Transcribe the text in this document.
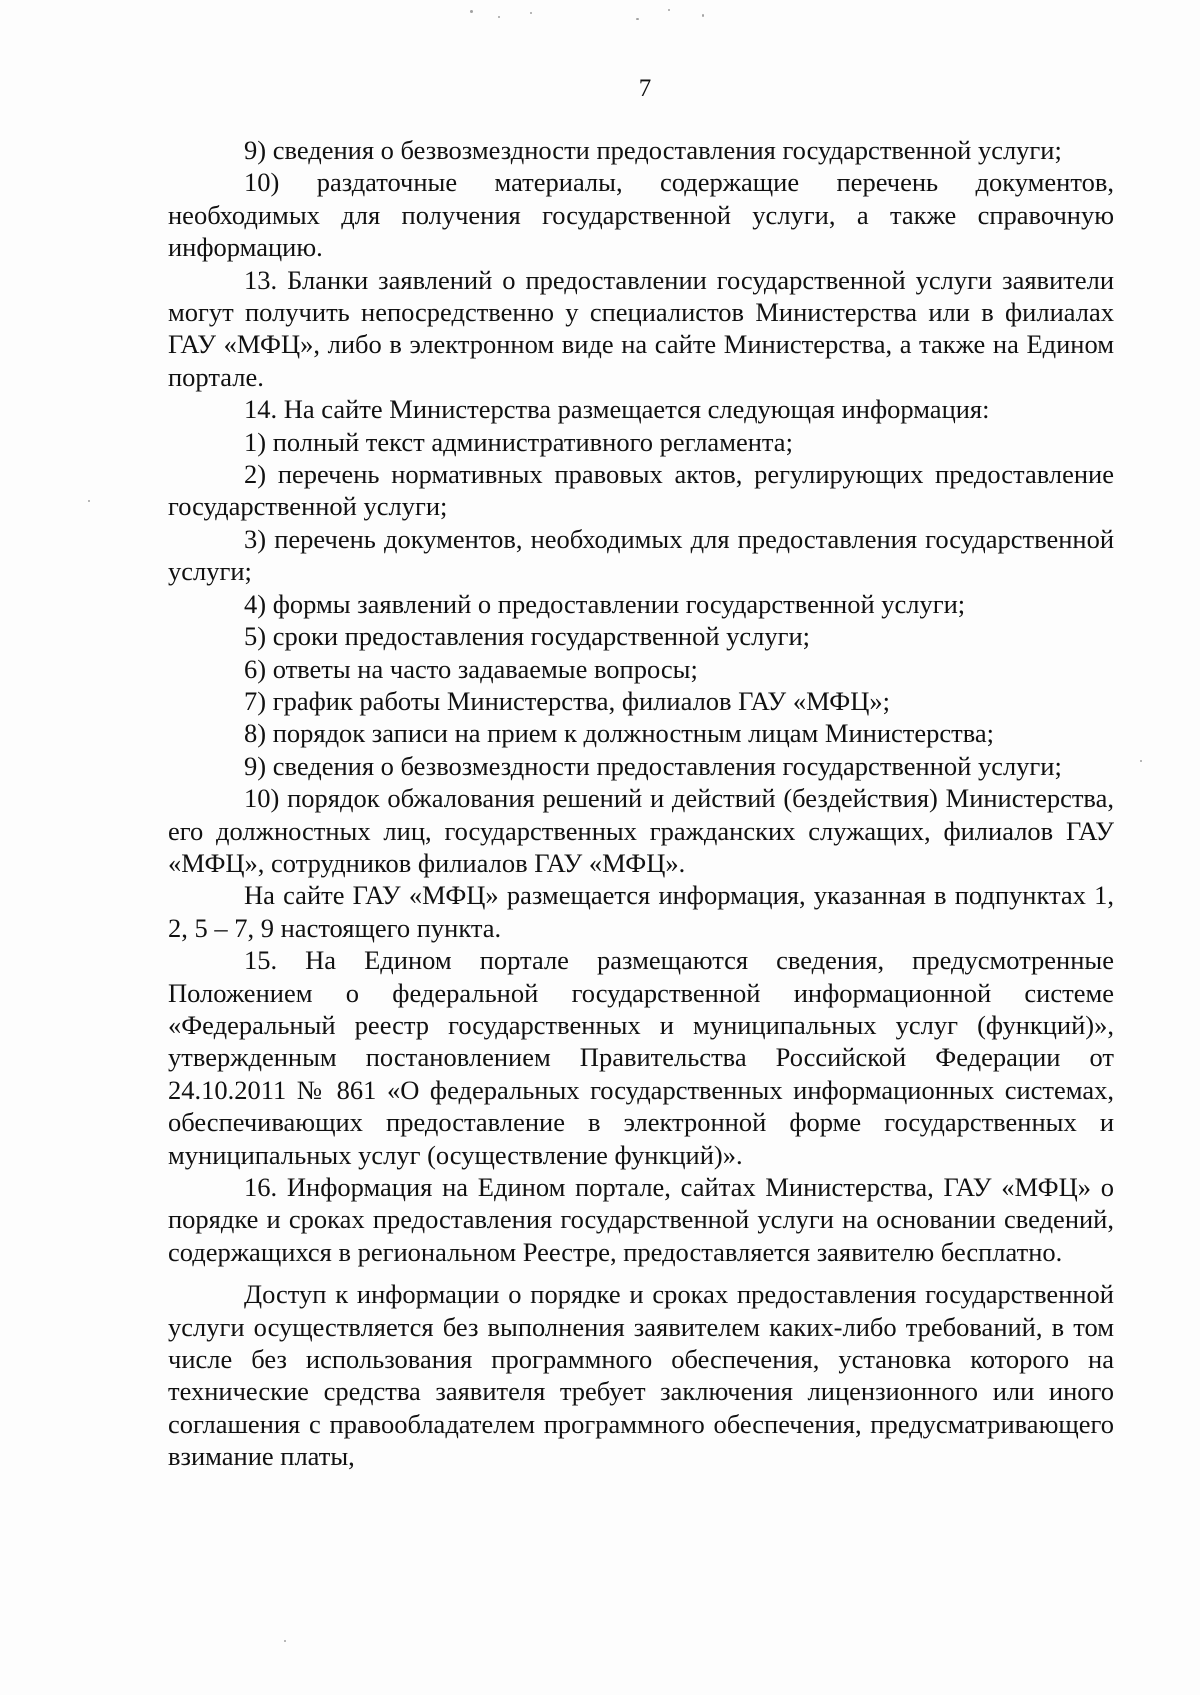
7

9) сведения о безвозмездности предоставления государственной услуги;

10) раздаточные материалы, содержащие перечень документов, необходимых для получения государственной услуги, а также справочную информацию.

13. Бланки заявлений о предоставлении государственной услуги заявители могут получить непосредственно у специалистов Министерства или в филиалах ГАУ «МФЦ», либо в электронном виде на сайте Министерства, а также на Едином портале.

14. На сайте Министерства размещается следующая информация:

1) полный текст административного регламента;

2) перечень нормативных правовых актов, регулирующих предоставление государственной услуги;

3) перечень документов, необходимых для предоставления государственной услуги;

4) формы заявлений о предоставлении государственной услуги;

5) сроки предоставления государственной услуги;

6) ответы на часто задаваемые вопросы;

7) график работы Министерства, филиалов ГАУ «МФЦ»;

8) порядок записи на прием к должностным лицам Министерства;

9) сведения о безвозмездности предоставления государственной услуги;

10) порядок обжалования решений и действий (бездействия) Министерства, его должностных лиц, государственных гражданских служащих, филиалов ГАУ «МФЦ», сотрудников филиалов ГАУ «МФЦ».

На сайте ГАУ «МФЦ» размещается информация, указанная в подпунктах 1, 2, 5 – 7, 9 настоящего пункта.

15. На Едином портале размещаются сведения, предусмотренные Положением о федеральной государственной информационной системе «Федеральный реестр государственных и муниципальных услуг (функций)», утвержденным постановлением Правительства Российской Федерации от 24.10.2011 № 861 «О федеральных государственных информационных системах, обеспечивающих предоставление в электронной форме государственных и муниципальных услуг (осуществление функций)».

16. Информация на Едином портале, сайтах Министерства, ГАУ «МФЦ» о порядке и сроках предоставления государственной услуги на основании сведений, содержащихся в региональном Реестре, предоставляется заявителю бесплатно.

Доступ к информации о порядке и сроках предоставления государственной услуги осуществляется без выполнения заявителем каких-либо требований, в том числе без использования программного обеспечения, установка которого на технические средства заявителя требует заключения лицензионного или иного соглашения с правообладателем программного обеспечения, предусматривающего взимание платы,
